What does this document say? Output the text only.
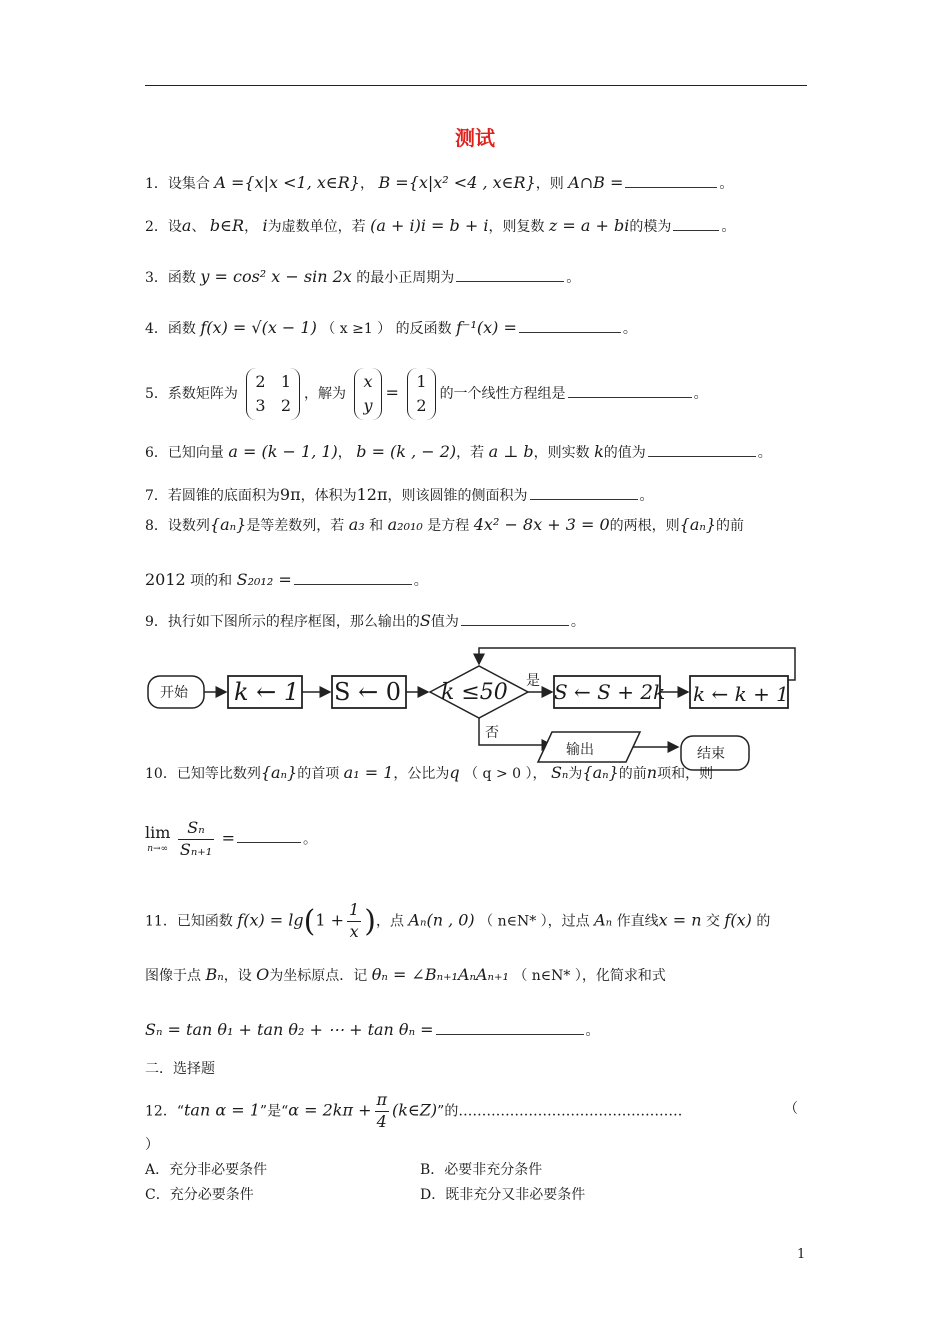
测试
1．设集合 A ={x|x <1, x∈R}， B ={x|x² <4 , x∈R}，则 A∩B =	。
2．设a、 b∈R， i为虚数单位，若 (a + i)i = b + i，则复数 z = a + bi的模为	。
3．函数 y = cos² x − sin 2x 的最小正周期为	。
4．函数 f(x) = √(x − 1) （ x ≥1 ） 的反函数 f⁻¹(x) =	。
5．系数矩阵为
2 1
3 2
，解为
x
y
=
1
2
的一个线性方程组是	。
6．已知向量 a = (k − 1, 1)， b = (k , − 2)，若 a ⊥ b，则实数 k的值为	。
7．若圆锥的底面积为9π，体积为12π，则该圆锥的侧面积为	。
8．设数列{aₙ}是等差数列，若 a₃ 和 a₂₀₁₀ 是方程 4x² − 8x + 3 = 0的两根，则{aₙ}的前
2012 项的和 S₂₀₁₂ =	。
9．执行如下图所示的程序框图，那么输出的S值为	。
开始 k ← 1 S ← 0 k ≤50 是 S ← S + 2k k ← k + 1
否
输出	结束
10．已知等比数列{aₙ}的首项 a₁ = 1，公比为q （ q > 0 ）， Sₙ为{aₙ}的前n项和，则
lim
n→∞
$\frac{\text{Sₙ}}{\text{Sₙ₊₁}}$ =	。
11．已知函数 $f(x) = \lg(1 + \frac{1}{x}$ )，点 Aₙ(n , 0) （ n∈N* ），过点 Aₙ 作直线x = n 交 f(x) 的
图像于点 Bₙ，设 O为坐标原点．记 θₙ = ∠Bₙ₊₁AₙAₙ₊₁ （ n∈N* ），化简求和式
Sₙ = tan θ₁ + tan θ₂ + ⋯ + tan θₙ =	。
二．选择题
12．“tan α = 1”是“$\alpha = 2k\pi + \frac{\pi}{4}$ (k∈Z)”的…………………………………………	（
）
A．充分非必要条件	B．必要非充分条件
C．充分必要条件	D．既非充分又非必要条件
1
